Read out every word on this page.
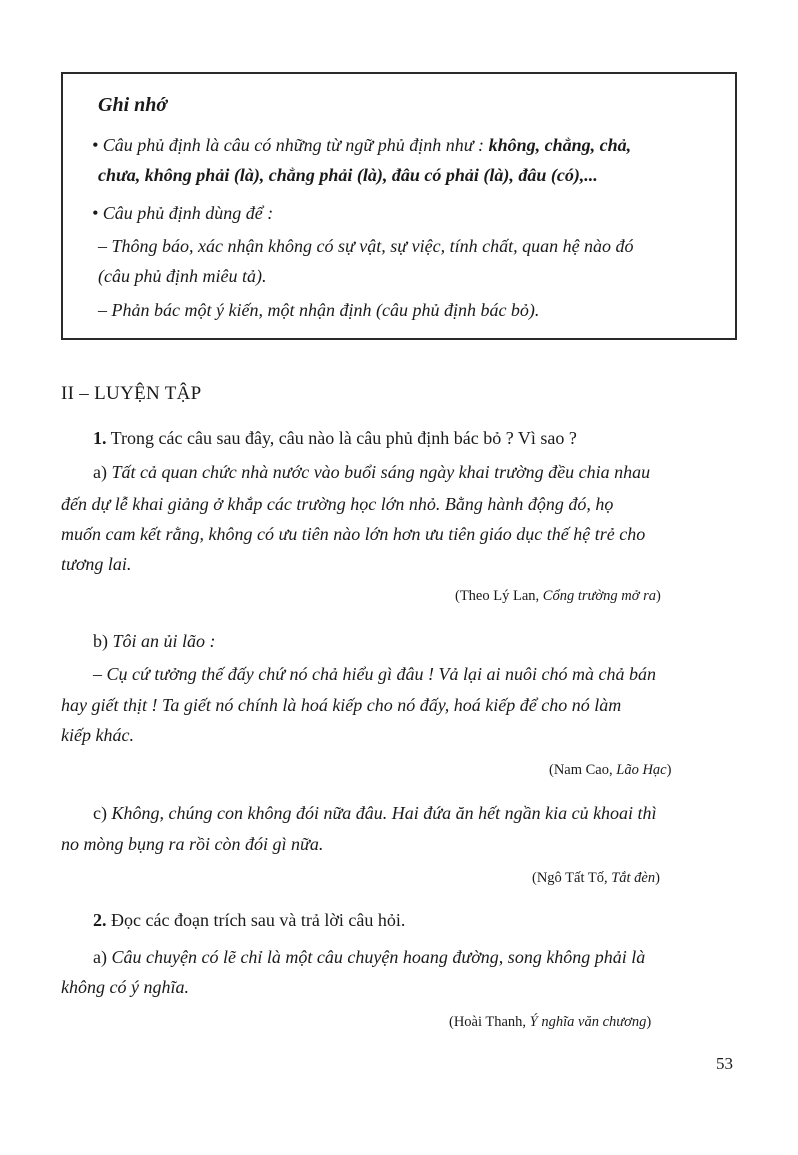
Ghi nhớ
• Câu phủ định là câu có những từ ngữ phủ định như : không, chẳng, chả,
chưa, không phải (là), chẳng phải (là), đâu có phải (là), đâu (có),...
• Câu phủ định dùng để :
– Thông báo, xác nhận không có sự vật, sự việc, tính chất, quan hệ nào đó
(câu phủ định miêu tả).
– Phản bác một ý kiến, một nhận định (câu phủ định bác bỏ).
II – LUYỆN TẬP
1. Trong các câu sau đây, câu nào là câu phủ định bác bỏ ? Vì sao ?
a) Tất cả quan chức nhà nước vào buổi sáng ngày khai trường đều chia nhau
đến dự lễ khai giảng ở khắp các trường học lớn nhỏ. Bằng hành động đó, họ
muốn cam kết rằng, không có ưu tiên nào lớn hơn ưu tiên giáo dục thế hệ trẻ cho
tương lai.
(Theo Lý Lan, Cổng trường mở ra)
b) Tôi an ủi lão :
– Cụ cứ tưởng thế đấy chứ nó chả hiểu gì đâu ! Vả lại ai nuôi chó mà chả bán
hay giết thịt ! Ta giết nó chính là hoá kiếp cho nó đấy, hoá kiếp để cho nó làm
kiếp khác.
(Nam Cao, Lão Hạc)
c) Không, chúng con không đói nữa đâu. Hai đứa ăn hết ngần kia củ khoai thì
no mòng bụng ra rồi còn đói gì nữa.
(Ngô Tất Tố, Tắt đèn)
2. Đọc các đoạn trích sau và trả lời câu hỏi.
a) Câu chuyện có lẽ chỉ là một câu chuyện hoang đường, song không phải là
không có ý nghĩa.
(Hoài Thanh, Ý nghĩa văn chương)
53
